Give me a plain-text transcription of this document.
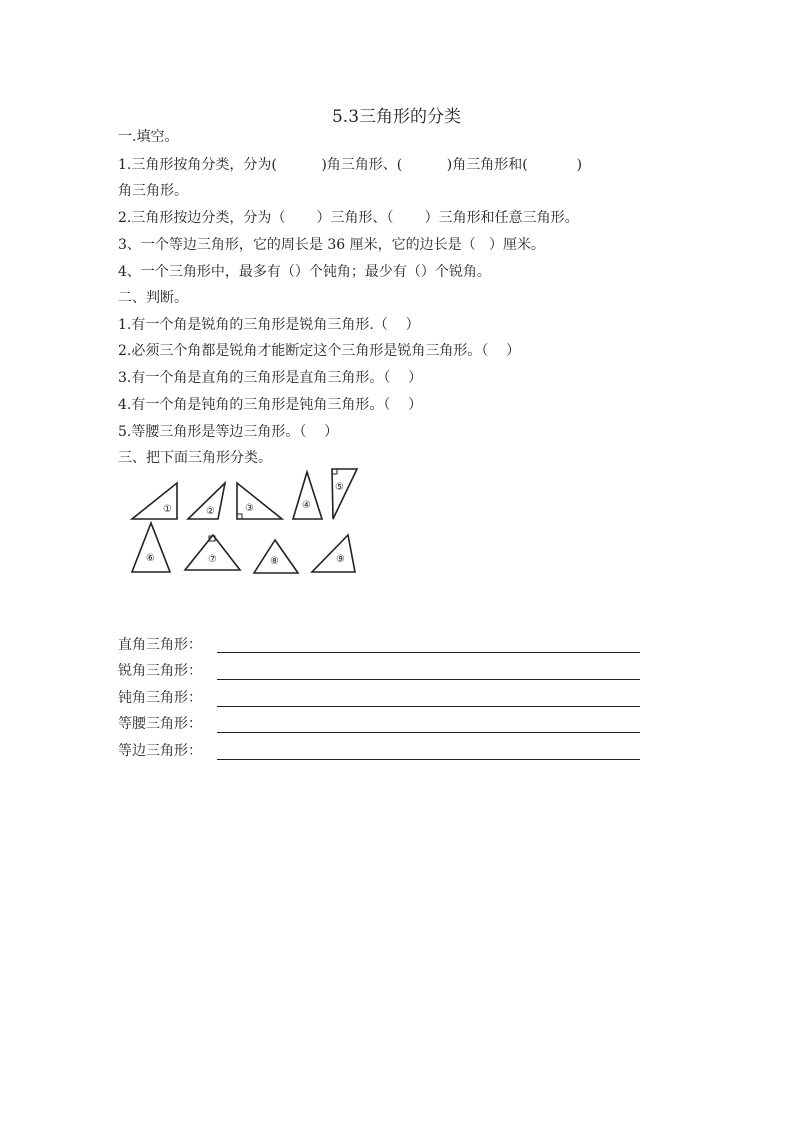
5.3三角形的分类
一.填空。
1.三角形按角分类，分为(          )角三角形、(          )角三角形和(           )
角三角形。
2.三角形按边分类，分为（       ）三角形、（       ）三角形和任意三角形。
3、一个等边三角形，它的周长是 36 厘米，它的边长是（   ）厘米。
4、一个三角形中，最多有（）个钝角；最少有（）个锐角。
二、判断。
1.有一个角是锐角的三角形是锐角三角形.（    ）
2.必须三个角都是锐角才能断定这个三角形是锐角三角形。（    ）
3.有一个角是直角的三角形是直角三角形。（    ）
4.有一个角是钝角的三角形是钝角三角形。（    ）
5.等腰三角形是等边三角形。（    ）
三、把下面三角形分类。
①	②	③	④
⑤
⑥	⑦	⑧	⑨
直角三角形：
锐角三角形：
钝角三角形：
等腰三角形：
等边三角形：
